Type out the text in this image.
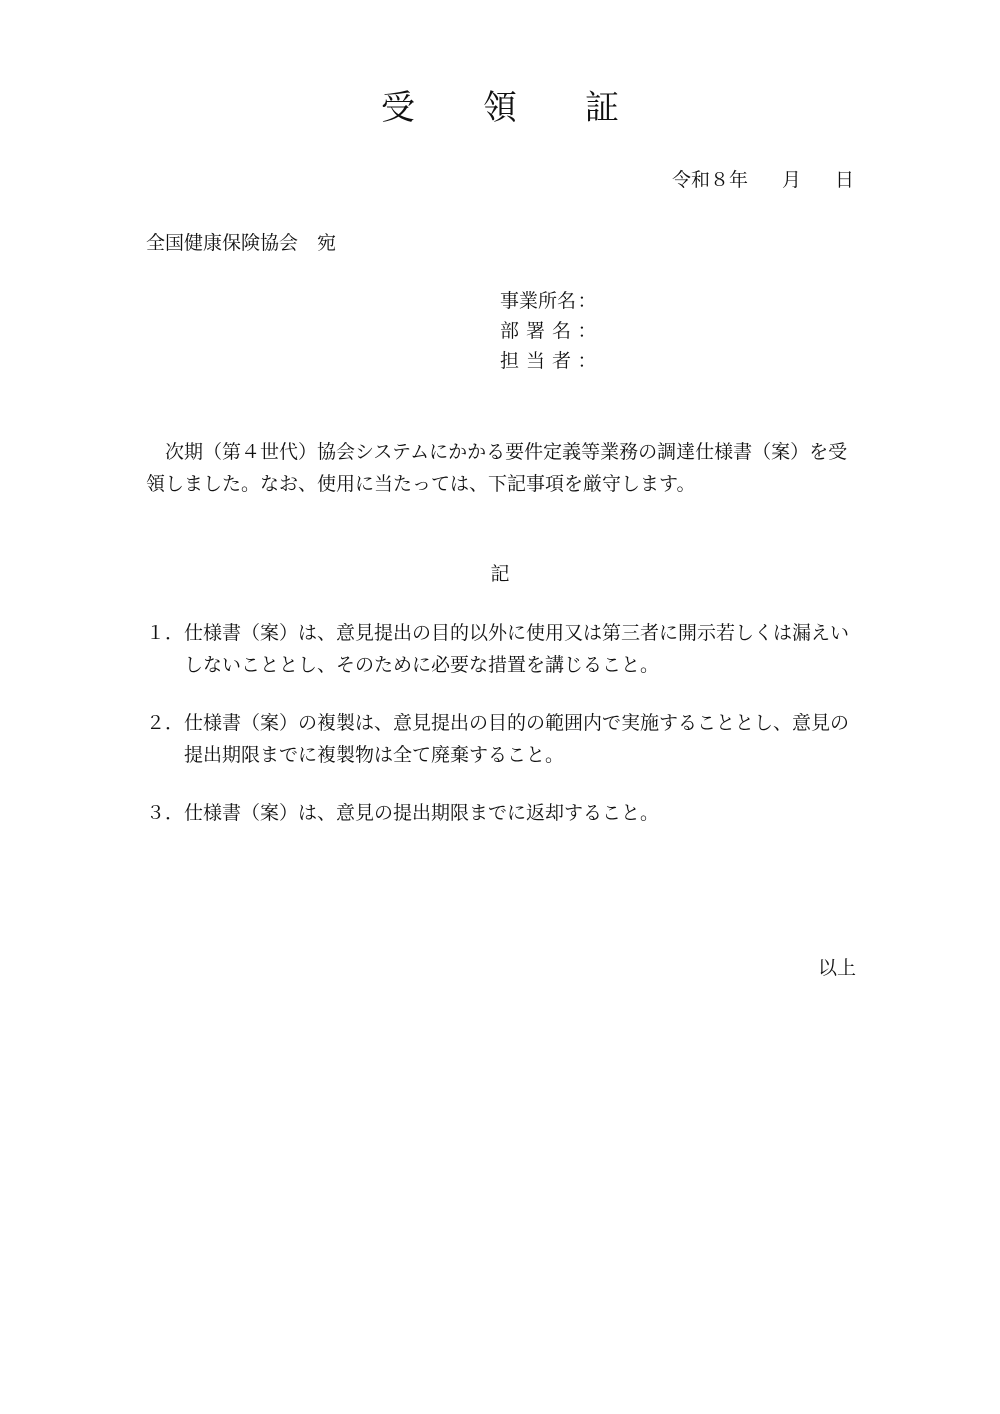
受 領 証
令和８年 月 日
全国健康保険協会　宛
事業所名 ：
部署名 ：
担当者 ：
次期（第４世代）協会システムにかかる要件定義等業務の調達仕様書（案）を受領しました。なお、使用に当たっては、下記事項を厳守します。
記
１． 仕様書（案）は、意見提出の目的以外に使用又は第三者に開示若しくは漏えいしないこととし、そのために必要な措置を講じること。
２． 仕様書（案）の複製は、意見提出の目的の範囲内で実施することとし、意見の提出期限までに複製物は全て廃棄すること。
３． 仕様書（案）は、意見の提出期限までに返却すること。
以上
